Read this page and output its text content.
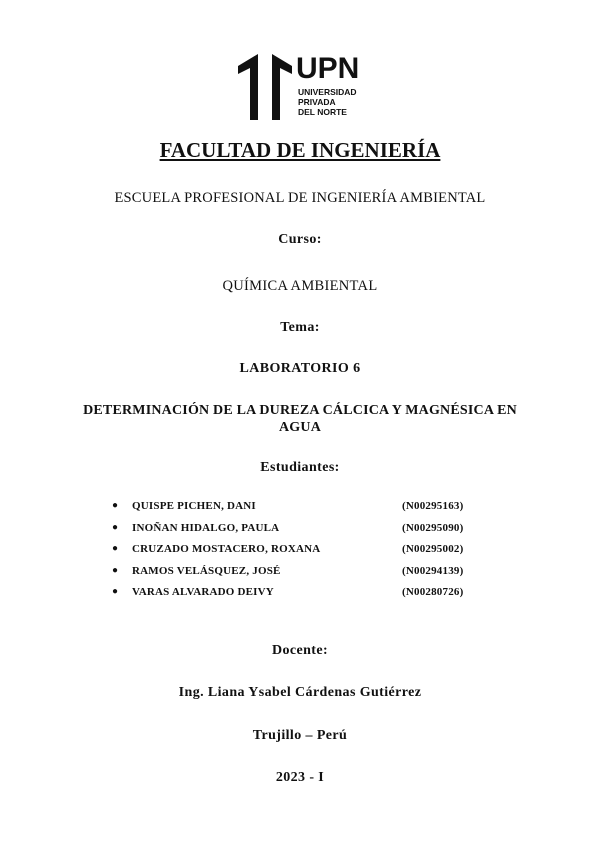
UPN
UNIVERSIDAD
PRIVADA
DEL NORTE
FACULTAD DE INGENIERÍA
ESCUELA PROFESIONAL DE INGENIERÍA AMBIENTAL
Curso:
QUÍMICA AMBIENTAL
Tema:
LABORATORIO 6
DETERMINACIÓN DE LA DUREZA CÁLCICA Y MAGNÉSICA EN
AGUA
Estudiantes:
● QUISPE PICHEN, DANI	(N00295163)
● INOÑAN HIDALGO, PAULA	(N00295090)
● CRUZADO MOSTACERO, ROXANA	(N00295002)
● RAMOS VELÁSQUEZ, JOSÉ	(N00294139)
● VARAS ALVARADO DEIVY	(N00280726)
Docente:
Ing. Liana Ysabel Cárdenas Gutiérrez
Trujillo – Perú
2023 - I
